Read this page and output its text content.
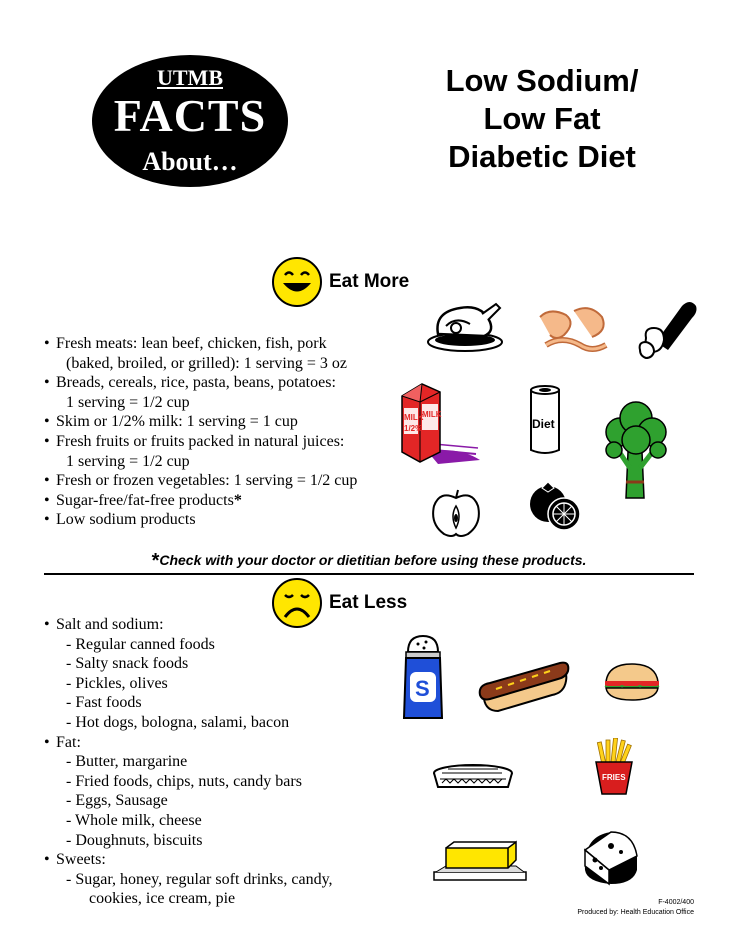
UTMB
FACTS
About…
Low Sodium/
Low Fat
Diabetic Diet
Eat More
• Fresh meats: lean beef, chicken, fish, pork
(baked, broiled, or grilled): 1 serving = 3 oz
• Breads, cereals, rice, pasta, beans, potatoes:
1 serving = 1/2 cup
• Skim or 1/2% milk: 1 serving = 1 cup
• Fresh fruits or fruits packed in natural juices:
1 serving = 1/2 cup
• Fresh or frozen vegetables: 1 serving = 1/2 cup
• Sugar-free/fat-free products*
• Low sodium products
MILK
MILK
1/2%	Diet
*Check with your doctor or dietitian before using these products.
Eat Less
• Salt and sodium:
- Regular canned foods
- Salty snack foods
- Pickles, olives
- Fast foods
- Hot dogs, bologna, salami, bacon
• Fat:
- Butter, margarine
- Fried foods, chips, nuts, candy bars
- Eggs, Sausage
- Whole milk, cheese
- Doughnuts, biscuits
• Sweets:
- Sugar, honey, regular soft drinks, candy,
cookies, ice cream, pie
S
FRIES
F-4002/400
Produced by: Health Education Office
